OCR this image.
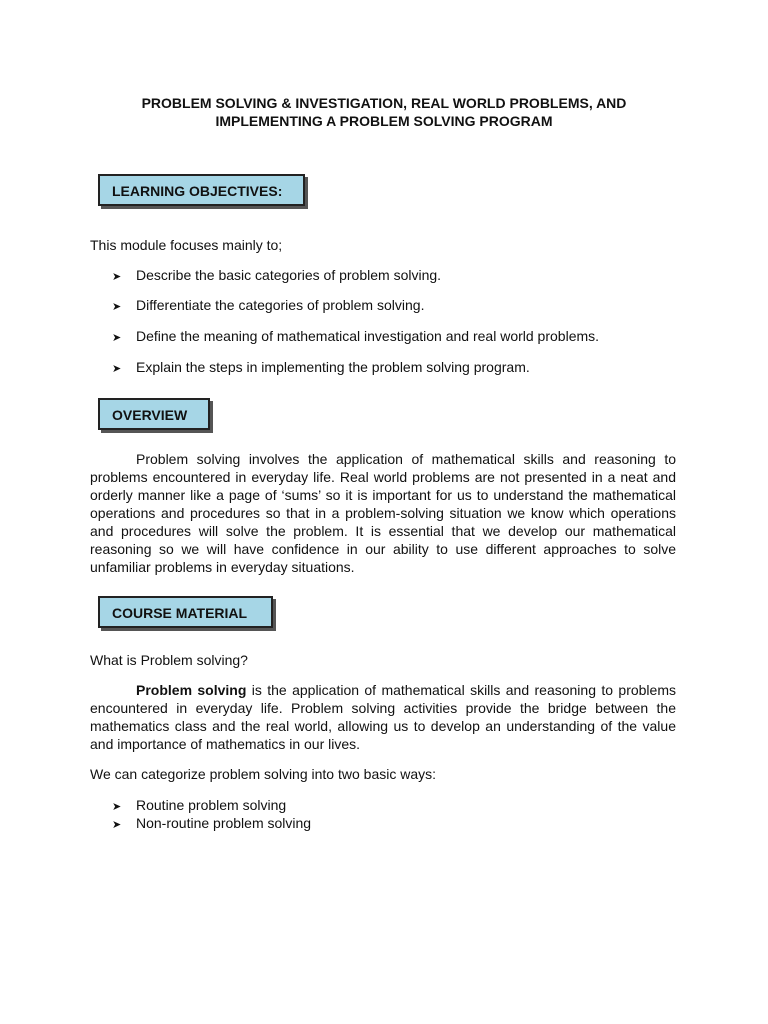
PROBLEM SOLVING & INVESTIGATION, REAL WORLD PROBLEMS, AND
IMPLEMENTING A PROBLEM SOLVING PROGRAM
LEARNING OBJECTIVES:
This module focuses mainly to;
➤ Describe the basic categories of problem solving.
➤ Differentiate the categories of problem solving.
➤ Define the meaning of mathematical investigation and real world problems.
➤ Explain the steps in implementing the problem solving program.
OVERVIEW
Problem solving involves the application of mathematical skills and reasoning to problems encountered in everyday life. Real world problems are not presented in a neat and orderly manner like a page of ‘sums’ so it is important for us to understand the mathematical operations and procedures so that in a problem-solving situation we know which operations and procedures will solve the problem. It is essential that we develop our mathematical reasoning so we will have confidence in our ability to use different approaches to solve unfamiliar problems in everyday situations.
COURSE MATERIAL
What is Problem solving?
Problem solving is the application of mathematical skills and reasoning to problems encountered in everyday life. Problem solving activities provide the bridge between the mathematics class and the real world, allowing us to develop an understanding of the value and importance of mathematics in our lives.
We can categorize problem solving into two basic ways:
➤ Routine problem solving
➤ Non-routine problem solving
